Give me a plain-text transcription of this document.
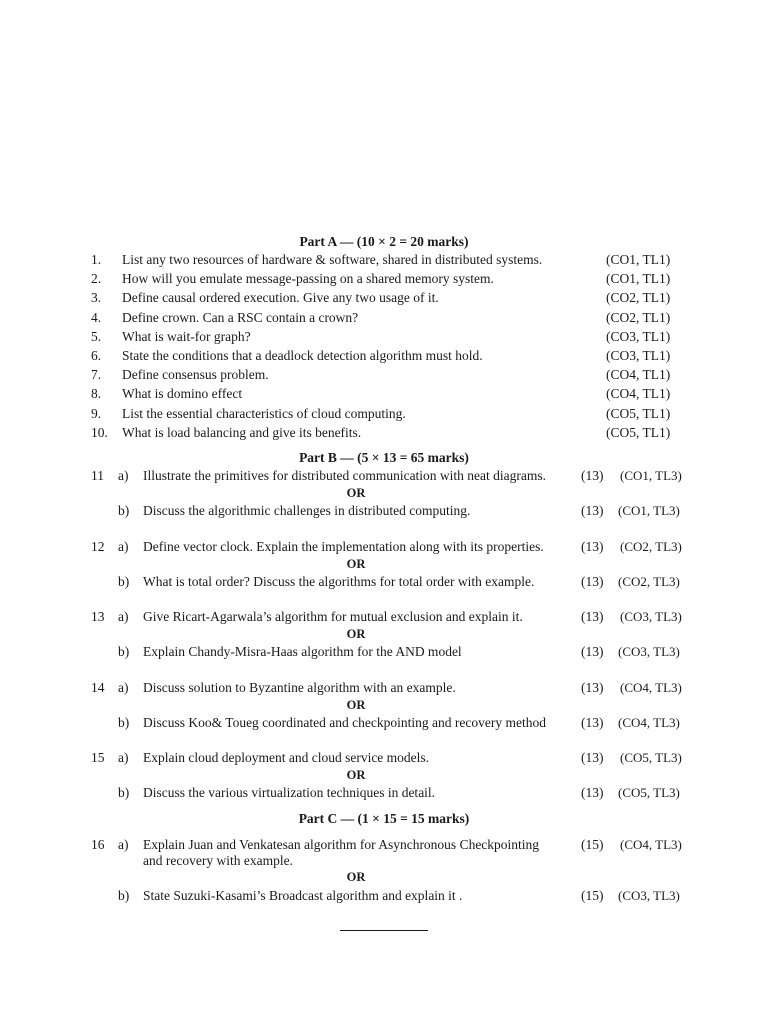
Part A — (10 × 2 = 20 marks)
1. List any two resources of hardware & software, shared in distributed systems.	(CO1, TL1)
2. How will you emulate message-passing on a shared memory system.	(CO1, TL1)
3. Define causal ordered execution. Give any two usage of it.	(CO2, TL1)
4. Define crown. Can a RSC contain a crown?	(CO2, TL1)
5. What is wait-for graph?	(CO3, TL1)
6. State the conditions that a deadlock detection algorithm must hold.	(CO3, TL1)
7. Define consensus problem.	(CO4, TL1)
8. What is domino effect	(CO4, TL1)
9. List the essential characteristics of cloud computing.	(CO5, TL1)
10. What is load balancing and give its benefits.	(CO5, TL1)
Part B — (5 × 13 = 65 marks)
11 a) Illustrate the primitives for distributed communication with neat diagrams.	(13) (CO1, TL3)
OR
b) Discuss the algorithmic challenges in distributed computing.	(13) (CO1, TL3)
12 a) Define vector clock. Explain the implementation along with its properties.	(13) (CO2, TL3)
OR
b) What is total order? Discuss the algorithms for total order with example.	(13) (CO2, TL3)
13 a) Give Ricart-Agarwala’s algorithm for mutual exclusion and explain it.	(13) (CO3, TL3)
OR
b) Explain Chandy-Misra-Haas algorithm for the AND model	(13) (CO3, TL3)
14 a) Discuss solution to Byzantine algorithm with an example.	(13) (CO4, TL3)
OR
b) Discuss Koo& Toueg coordinated and checkpointing and recovery method	(13) (CO4, TL3)
15 a) Explain cloud deployment and cloud service models.	(13) (CO5, TL3)
OR
b) Discuss the various virtualization techniques in detail.	(13) (CO5, TL3)
Part C — (1 × 15 = 15 marks)
16 a) Explain Juan and Venkatesan algorithm for Asynchronous Checkpointing
and recovery with example.
(15) (CO4, TL3)
OR
b) State Suzuki-Kasami’s Broadcast algorithm and explain it .	(15) (CO3, TL3)
